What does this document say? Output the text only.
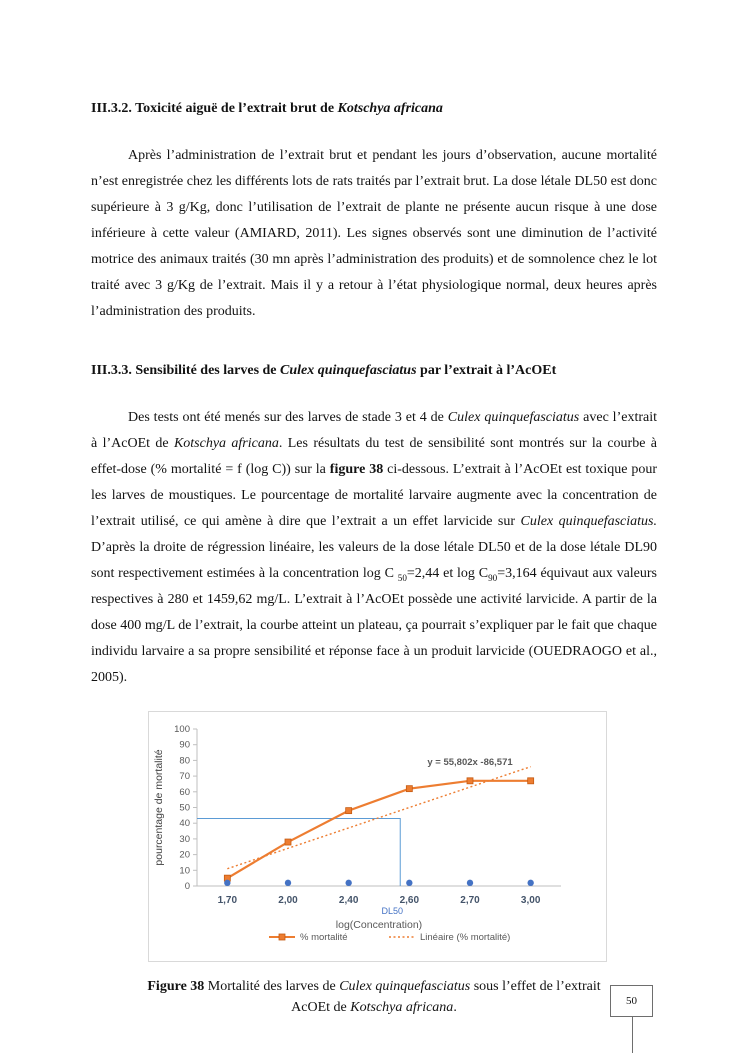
III.3.2. Toxicité aiguë de l’extrait brut de Kotschya africana

Après l’administration de l’extrait brut et pendant les jours d’observation, aucune mortalité n’est enregistrée chez les différents lots de rats traités par l’extrait brut. La dose létale DL50 est donc supérieure à 3 g/Kg, donc l’utilisation de l’extrait de plante ne présente aucun risque à une dose inférieure à cette valeur (AMIARD, 2011). Les signes observés sont une diminution de l’activité motrice des animaux traités (30 mn après l’administration des produits) et de somnolence chez le lot traité avec 3 g/Kg de l’extrait. Mais il y a retour à l’état physiologique normal, deux heures après l’administration des produits.

III.3.3. Sensibilité des larves de Culex quinquefasciatus par l’extrait à l’AcOEt

Des tests ont été menés sur des larves de stade 3 et 4 de Culex quinquefasciatus avec l’extrait à l’AcOEt de Kotschya africana. Les résultats du test de sensibilité sont montrés sur la courbe à effet-dose (% mortalité = f (log C)) sur la figure 38 ci-dessous. L’extrait à l’AcOEt est toxique pour les larves de moustiques. Le pourcentage de mortalité larvaire augmente avec la concentration de l’extrait utilisé, ce qui amène à dire que l’extrait a un effet larvicide sur Culex quinquefasciatus. D’après la droite de régression linéaire, les valeurs de la dose létale DL50 et de la dose létale DL90 sont respectivement estimées à la concentration log C $_{50}$=2,44 et $\log C_{90}=3,164$ équivaut aux valeurs respectives à 280 et 1459,62 mg/L. L’extrait à l’AcOEt possède une activité larvicide. A partir de la dose 400 mg/L de l’extrait, la courbe atteint un plateau, ça pourrait s’expliquer par le fait que chaque individu larvaire a sa propre sensibilité et réponse face à un produit larvicide (OUEDRAOGO et al., 2005).

0
10
20
30
40
50
60
70
80
90
100
1,70	2,00	2,40	2,60	2,70	3,00
DL50
y = 55,802x -86,571
log(Concentration)
pourcentage de mortalité
% mortalité	Linéaire (% mortalité)

Figure 38 Mortalité des larves de Culex quinquefasciatus sous l’effet de l’extrait AcOEt de Kotschya africana.	50
